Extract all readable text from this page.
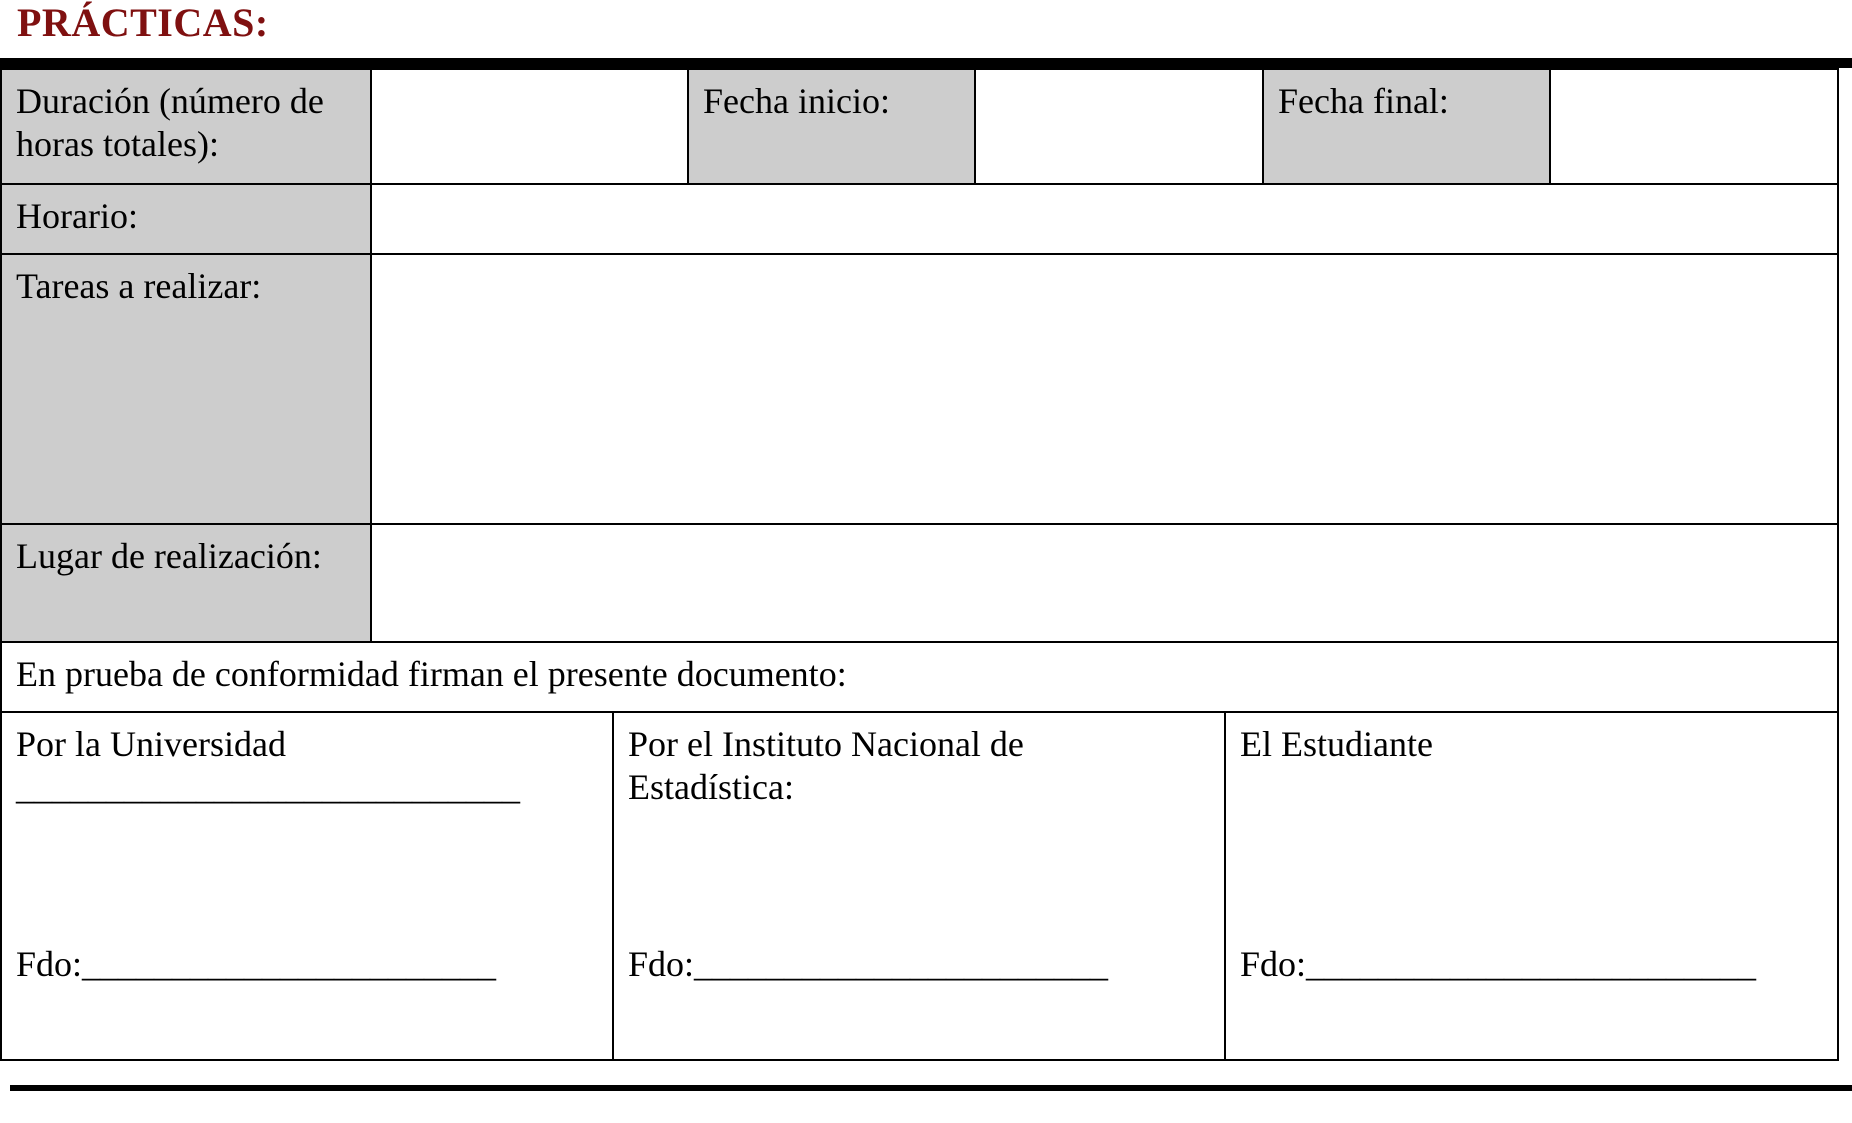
PRÁCTICAS:
Duración (número de horas totales):
Fecha inicio:	Fecha final:
Horario:
Tareas a realizar:
Lugar de realización:
En prueba de conformidad firman el presente documento:
Por la Universidad
____________________________
Fdo:_______________________
Por el Instituto Nacional de Estadística:
Fdo:_______________________
El Estudiante
Fdo:_________________________
